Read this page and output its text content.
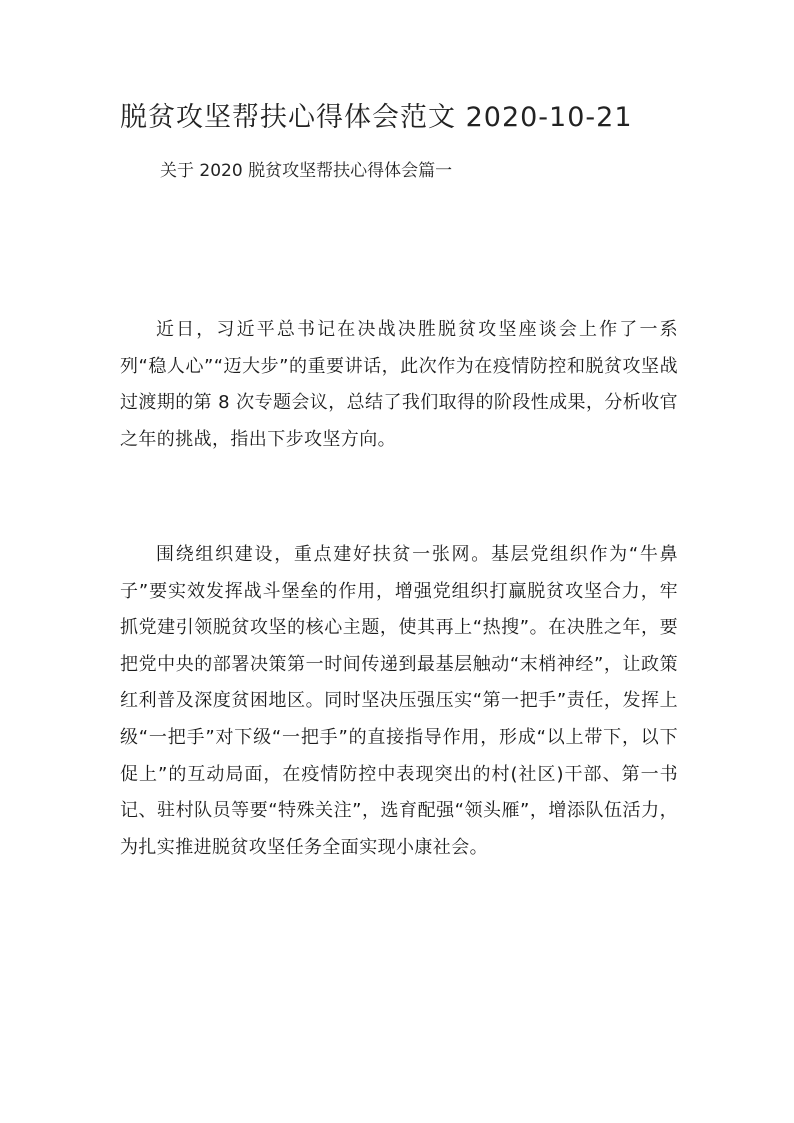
脱贫攻坚帮扶心得体会范文 2020-10-21
关于 2020 脱贫攻坚帮扶心得体会篇一

近日，习近平总书记在决战决胜脱贫攻坚座谈会上作了一系列“稳人心”“迈大步”的重要讲话，此次作为在疫情防控和脱贫攻坚战过渡期的第 8 次专题会议，总结了我们取得的阶段性成果，分析收官之年的挑战，指出下步攻坚方向。

围绕组织建设，重点建好扶贫一张网。基层党组织作为“牛鼻子”要实效发挥战斗堡垒的作用，增强党组织打赢脱贫攻坚合力，牢抓党建引领脱贫攻坚的核心主题，使其再上“热搜”。在决胜之年，要把党中央的部署决策第一时间传递到最基层触动“末梢神经”，让政策红利普及深度贫困地区。同时坚决压强压实“第一把手”责任，发挥上级“一把手”对下级“一把手”的直接指导作用，形成“以上带下，以下促上”的互动局面，在疫情防控中表现突出的村(社区)干部、第一书记、驻村队员等要“特殊关注”，选育配强“领头雁”，增添队伍活力，为扎实推进脱贫攻坚任务全面实现小康社会。
